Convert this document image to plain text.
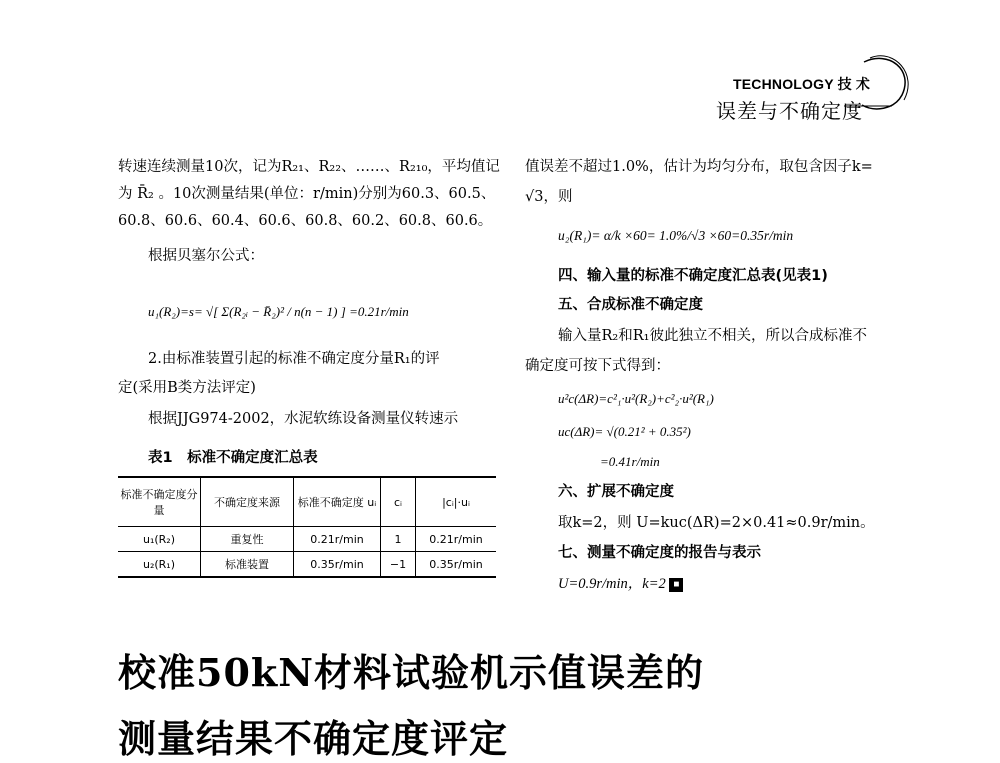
TECHNOLOGY 技 术
误差与不确定度

转速连续测量10次，记为R₂₁、R₂₂、……、R₂₁₀，平均值记

为 R̄₂ 。10次测量结果(单位：r/min)分别为60.3、60.5、

60.8、60.6、60.4、60.6、60.8、60.2、60.8、60.6。

根据贝塞尔公式：

u₁(R₂)=s= √[ Σ(R₂ᵢ − R̄₂)² / n(n − 1) ] =0.21r/min

2.由标准装置引起的标准不确定度分量R₁的评

定(采用B类方法评定)

根据JJG974-2002，水泥软练设备测量仪转速示

表1　标准不确定度汇总表
标准不确定度分量	不确定度来源	标准不确定度 uᵢ	cᵢ	|cᵢ|·uᵢ
u₁(R₂)	重复性	0.21r/min	1	0.21r/min
u₂(R₁)	标准装置	0.35r/min	−1	0.35r/min

值误差不超过1.0%，估计为均匀分布，取包含因子k=

√3，则

u₂(R₁)= α/k ×60= 1.0%/√3 ×60=0.35r/min

四、输入量的标准不确定度汇总表(见表1)

五、合成标准不确定度

输入量R₂和R₁彼此独立不相关，所以合成标准不

确定度可按下式得到：

u²c(ΔR)=c²₁·u²(R₂)+c²₂·u²(R₁)

uc(ΔR)= √(0.21² + 0.35²)

=0.41r/min

六、扩展不确定度

取k=2，则 U=kuc(ΔR)=2×0.41≈0.9r/min。

七、测量不确定度的报告与表示

U=0.9r/min，k=2 ■

校准50kN材料试验机示值误差的
测量结果不确定度评定
